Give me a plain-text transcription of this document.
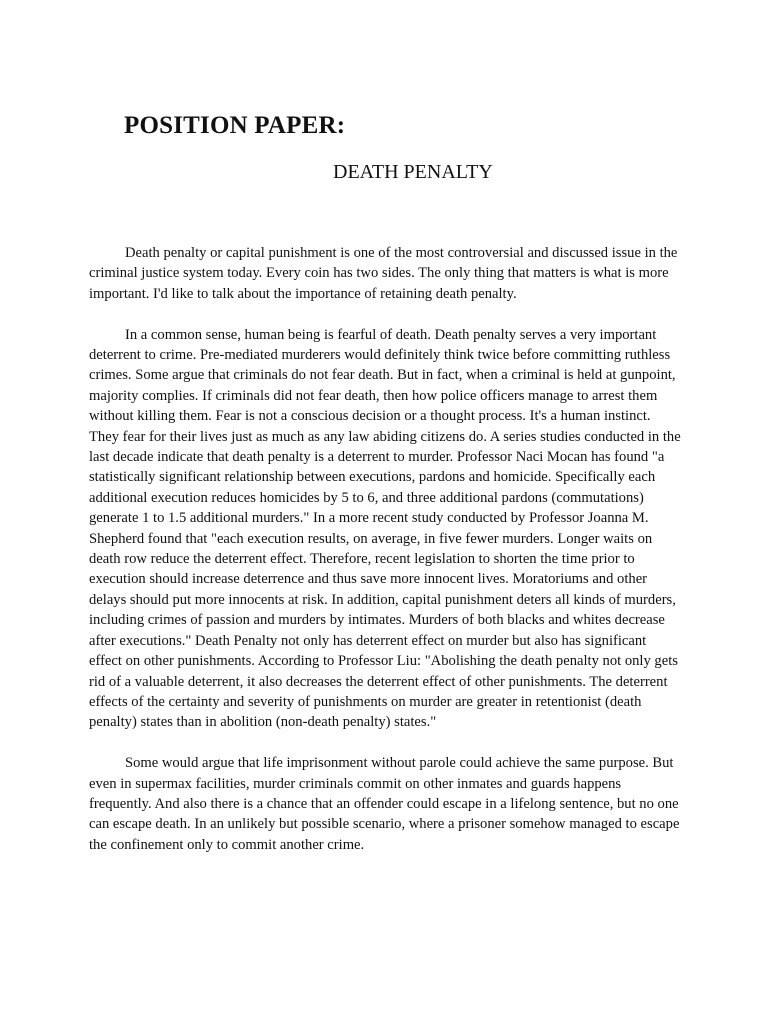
POSITION PAPER:
DEATH PENALTY

Death penalty or capital punishment is one of the most controversial and discussed issue in the criminal justice system today. Every coin has two sides. The only thing that matters is what is more important. I'd like to talk about the importance of retaining death penalty.

In a common sense, human being is fearful of death. Death penalty serves a very important deterrent to crime. Pre-mediated murderers would definitely think twice before committing ruthless crimes. Some argue that criminals do not fear death. But in fact, when a criminal is held at gunpoint, majority complies. If criminals did not fear death, then how police officers manage to arrest them without killing them. Fear is not a conscious decision or a thought process. It's a human instinct. They fear for their lives just as much as any law abiding citizens do. A series studies conducted in the last decade indicate that death penalty is a deterrent to murder. Professor Naci Mocan has found "a statistically significant relationship between executions, pardons and homicide. Specifically each additional execution reduces homicides by 5 to 6, and three additional pardons (commutations) generate 1 to 1.5 additional murders." In a more recent study conducted by Professor Joanna M. Shepherd found that "each execution results, on average, in five fewer murders. Longer waits on death row reduce the deterrent effect. Therefore, recent legislation to shorten the time prior to execution should increase deterrence and thus save more innocent lives. Moratoriums and other delays should put more innocents at risk. In addition, capital punishment deters all kinds of murders, including crimes of passion and murders by intimates. Murders of both blacks and whites decrease after executions." Death Penalty not only has deterrent effect on murder but also has significant effect on other punishments. According to Professor Liu: "Abolishing the death penalty not only gets rid of a valuable deterrent, it also decreases the deterrent effect of other punishments. The deterrent effects of the certainty and severity of punishments on murder are greater in retentionist (death penalty) states than in abolition (non-death penalty) states."

Some would argue that life imprisonment without parole could achieve the same purpose. But even in supermax facilities, murder criminals commit on other inmates and guards happens frequently. And also there is a chance that an offender could escape in a lifelong sentence, but no one can escape death. In an unlikely but possible scenario, where a prisoner somehow managed to escape the confinement only to commit another crime.
